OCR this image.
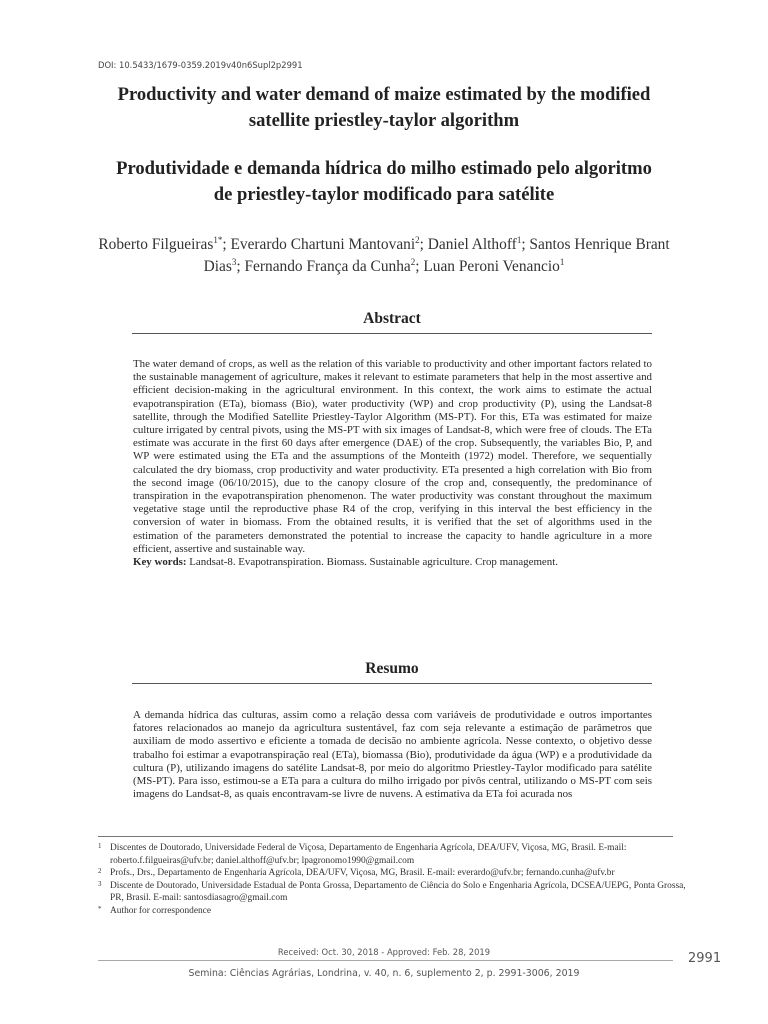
DOI: 10.5433/1679-0359.2019v40n6Supl2p2991
Productivity and water demand of maize estimated by the modified
satellite priestley-taylor algorithm
Produtividade e demanda hídrica do milho estimado pelo algoritmo
de priestley-taylor modificado para satélite
Roberto Filgueiras$^{1*}$; Everardo Chartuni Mantovani$^2$; Daniel Althoff$^1$; Santos Henrique Brant Dias$^3$; Fernando França da Cunha$^2$; Luan Peroni Venancio$^1$
Abstract
The water demand of crops, as well as the relation of this variable to productivity and other important factors related to the sustainable management of agriculture, makes it relevant to estimate parameters that help in the most assertive and efficient decision-making in the agricultural environment. In this context, the work aims to estimate the actual evapotranspiration (ETa), biomass (Bio), water productivity (WP) and crop productivity (P), using the Landsat-8 satellite, through the Modified Satellite Priestley-Taylor Algorithm (MS-PT). For this, ETa was estimated for maize culture irrigated by central pivots, using the MS-PT with six images of Landsat-8, which were free of clouds. The ETa estimate was accurate in the first 60 days after emergence (DAE) of the crop. Subsequently, the variables Bio, P, and WP were estimated using the ETa and the assumptions of the Monteith (1972) model. Therefore, we sequentially calculated the dry biomass, crop productivity and water productivity. ETa presented a high correlation with Bio from the second image (06/10/2015), due to the canopy closure of the crop and, consequently, the predominance of transpiration in the evapotranspiration phenomenon. The water productivity was constant throughout the maximum vegetative stage until the reproductive phase R4 of the crop, verifying in this interval the best efficiency in the conversion of water in biomass. From the obtained results, it is verified that the set of algorithms used in the estimation of the parameters demonstrated the potential to increase the capacity to handle agriculture in a more efficient, assertive and sustainable way.
Key words: Landsat-8. Evapotranspiration. Biomass. Sustainable agriculture. Crop management.
Resumo
A demanda hídrica das culturas, assim como a relação dessa com variáveis de produtividade e outros importantes fatores relacionados ao manejo da agricultura sustentável, faz com seja relevante a estimação de parâmetros que auxiliam de modo assertivo e eficiente a tomada de decisão no ambiente agrícola. Nesse contexto, o objetivo desse trabalho foi estimar a evapotranspiração real (ETa), biomassa (Bio), produtividade da água (WP) e a produtividade da cultura (P), utilizando imagens do satélite Landsat-8, por meio do algoritmo Priestley-Taylor modificado para satélite (MS-PT). Para isso, estimou-se a ETa para a cultura do milho irrigado por pivôs central, utilizando o MS-PT com seis imagens do Landsat-8, as quais encontravam-se livre de nuvens. A estimativa da ETa foi acurada nos
1 Discentes de Doutorado, Universidade Federal de Viçosa, Departamento de Engenharia Agrícola, DEA/UFV, Viçosa, MG, Brasil. E-mail: roberto.f.filgueiras@ufv.br; daniel.althoff@ufv.br; lpagronomo1990@gmail.com
2 Profs., Drs., Departamento de Engenharia Agrícola, DEA/UFV, Viçosa, MG, Brasil. E-mail: everardo@ufv.br; fernando.cunha@ufv.br
3 Discente de Doutorado, Universidade Estadual de Ponta Grossa, Departamento de Ciência do Solo e Engenharia Agrícola, DCSEA/UEPG, Ponta Grossa, PR, Brasil. E-mail: santosdiasagro@gmail.com
* Author for correspondence
Received: Oct. 30, 2018 - Approved: Feb. 28, 2019
Semina: Ciências Agrárias, Londrina, v. 40, n. 6, suplemento 2, p. 2991-3006, 2019
2991
